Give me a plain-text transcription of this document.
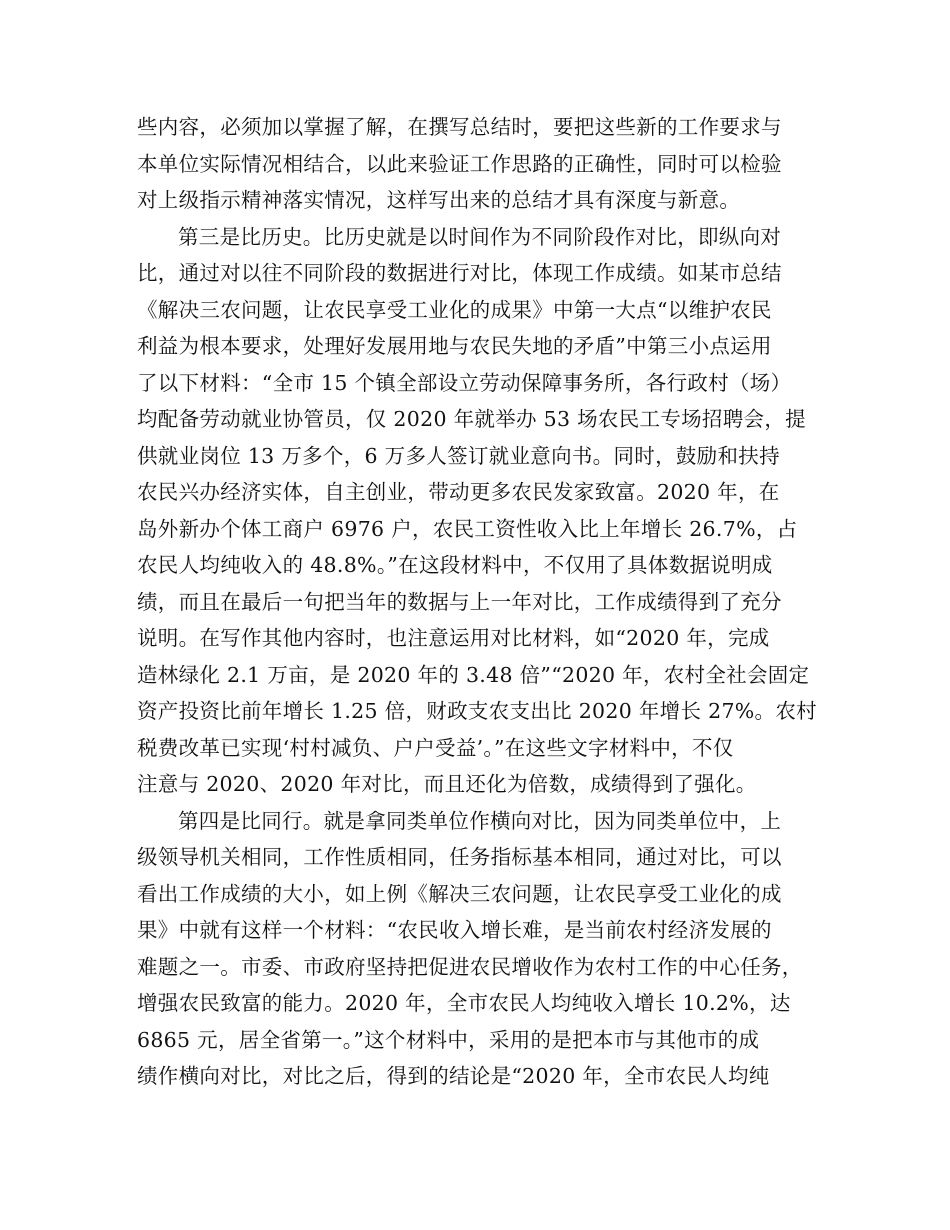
些内容，必须加以掌握了解，在撰写总结时，要把这些新的工作要求与
本单位实际情况相结合，以此来验证工作思路的正确性，同时可以检验
对上级指示精神落实情况，这样写出来的总结才具有深度与新意。
第三是比历史。比历史就是以时间作为不同阶段作对比，即纵向对
比，通过对以往不同阶段的数据进行对比，体现工作成绩。如某市总结
《解决三农问题，让农民享受工业化的成果》中第一大点“以维护农民
利益为根本要求，处理好发展用地与农民失地的矛盾”中第三小点运用
了以下材料：“全市 15 个镇全部设立劳动保障事务所，各行政村（场）
均配备劳动就业协管员，仅 2020 年就举办 53 场农民工专场招聘会，提
供就业岗位 13 万多个，6 万多人签订就业意向书。同时，鼓励和扶持
农民兴办经济实体，自主创业，带动更多农民发家致富。2020 年，在
岛外新办个体工商户 6976 户，农民工资性收入比上年增长 26.7%，占
农民人均纯收入的 48.8%。”在这段材料中，不仅用了具体数据说明成
绩，而且在最后一句把当年的数据与上一年对比，工作成绩得到了充分
说明。在写作其他内容时，也注意运用对比材料，如“2020 年，完成
造林绿化 2.1 万亩，是 2020 年的 3.48 倍”“2020 年，农村全社会固定
资产投资比前年增长 1.25 倍，财政支农支出比 2020 年增长 27%。农村
税费改革已实现‘村村减负、户户受益’。”在这些文字材料中，不仅
注意与 2020、2020 年对比，而且还化为倍数，成绩得到了强化。
第四是比同行。就是拿同类单位作横向对比，因为同类单位中，上
级领导机关相同，工作性质相同，任务指标基本相同，通过对比，可以
看出工作成绩的大小，如上例《解决三农问题，让农民享受工业化的成
果》中就有这样一个材料：“农民收入增长难，是当前农村经济发展的
难题之一。市委、市政府坚持把促进农民增收作为农村工作的中心任务，
增强农民致富的能力。2020 年，全市农民人均纯收入增长 10.2%，达
6865 元，居全省第一。”这个材料中，采用的是把本市与其他市的成
绩作横向对比，对比之后，得到的结论是“2020 年，全市农民人均纯
